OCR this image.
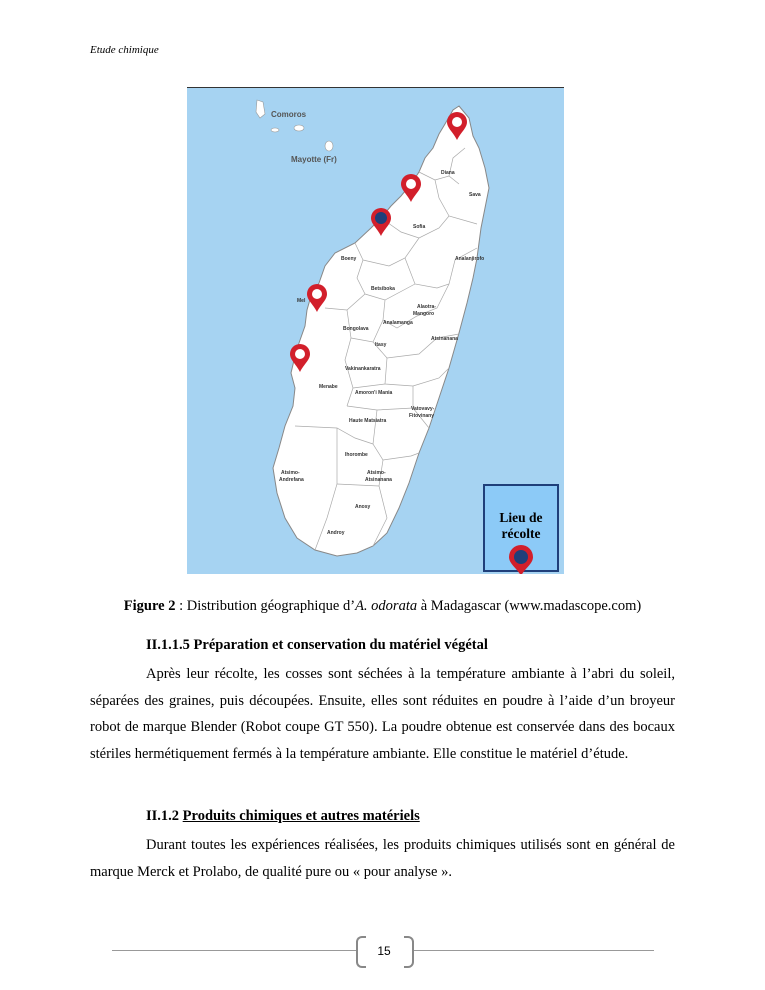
Etude chimique
Comoros
Mayotte (Fr)
Diana
Sava
Sofia
Boeny	Analanjirofo
Betsiboka
Mel
Alaotra-
Mangoro
Analamanga
Bongolava
Itasy
Atsinanana
Vakinankaratra
Menabe
Amoron'i Mania
Vatovavy-
Fitovinany
Haute Matsiatra
Ihorombe
Atsimo-
Andrefana
Atsimo-
Atsinanana
Anosy
Androy
Lieu de
récolte
Figure 2 : Distribution géographique d’A. odorata à Madagascar (www.madascope.com)
II.1.1.5 Préparation et conservation du matériel végétal

Après leur récolte, les cosses sont séchées à la température ambiante à l’abri du soleil, séparées des graines, puis découpées. Ensuite, elles sont réduites en poudre à l’aide d’un broyeur robot de marque Blender (Robot coupe GT 550). La poudre obtenue est conservée dans des bocaux stériles hermétiquement fermés à la température ambiante. Elle constitue le matériel d’étude.

II.1.2 Produits chimiques et autres matériels

Durant toutes les expériences réalisées, les produits chimiques utilisés sont en général de marque Merck et Prolabo, de qualité pure ou « pour analyse ».

15
